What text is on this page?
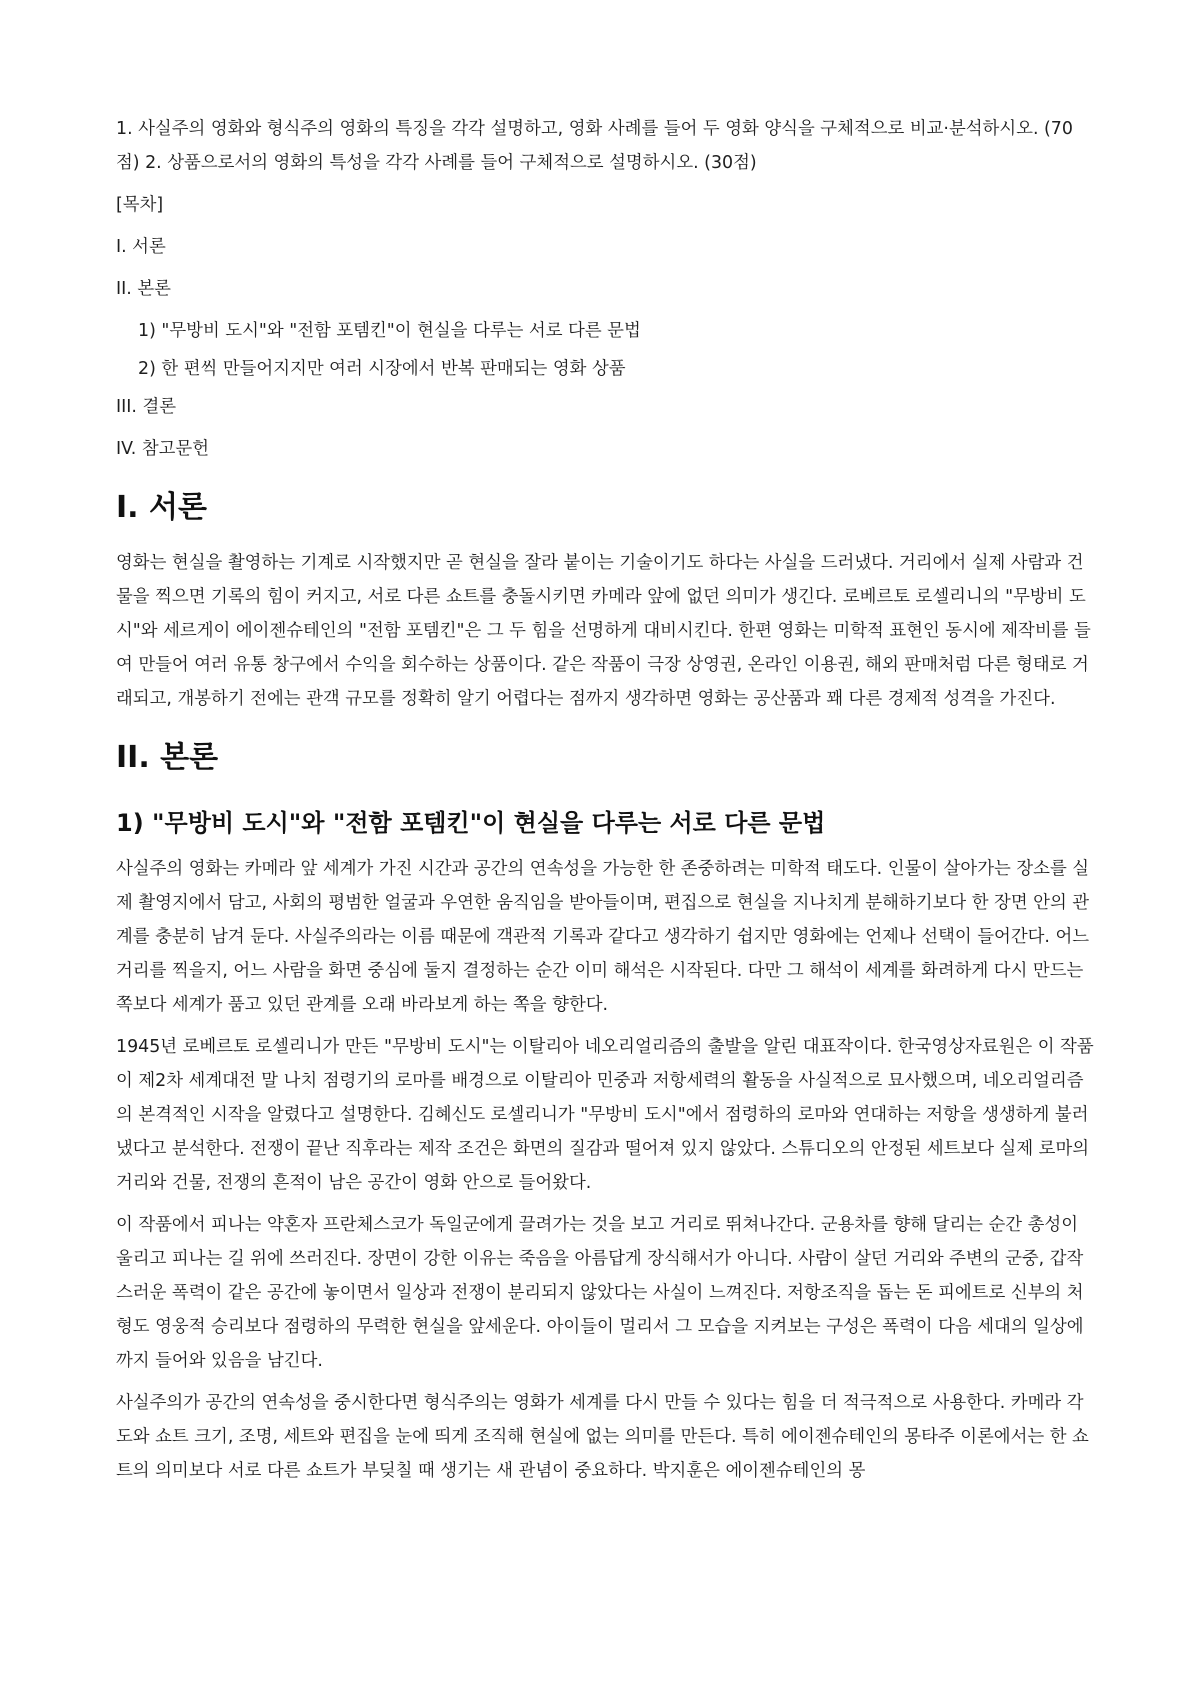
1. 사실주의 영화와 형식주의 영화의 특징을 각각 설명하고, 영화 사례를 들어 두 영화 양식을 구체적으로 비교·분석하시오. (70점) 2. 상품으로서의 영화의 특성을 각각 사례를 들어 구체적으로 설명하시오. (30점)

[목차]

I. 서론
II. 본론
1) "무방비 도시"와 "전함 포템킨"이 현실을 다루는 서로 다른 문법
2) 한 편씩 만들어지지만 여러 시장에서 반복 판매되는 영화 상품
III. 결론
IV. 참고문헌
I. 서론

영화는 현실을 촬영하는 기계로 시작했지만 곧 현실을 잘라 붙이는 기술이기도 하다는 사실을 드러냈다. 거리에서 실제 사람과 건물을 찍으면 기록의 힘이 커지고, 서로 다른 쇼트를 충돌시키면 카메라 앞에 없던 의미가 생긴다. 로베르토 로셀리니의 "무방비 도시"와 세르게이 에이젠슈테인의 "전함 포템킨"은 그 두 힘을 선명하게 대비시킨다. 한편 영화는 미학적 표현인 동시에 제작비를 들여 만들어 여러 유통 창구에서 수익을 회수하는 상품이다. 같은 작품이 극장 상영권, 온라인 이용권, 해외 판매처럼 다른 형태로 거래되고, 개봉하기 전에는 관객 규모를 정확히 알기 어렵다는 점까지 생각하면 영화는 공산품과 꽤 다른 경제적 성격을 가진다.

II. 본론
1) "무방비 도시"와 "전함 포템킨"이 현실을 다루는 서로 다른 문법

사실주의 영화는 카메라 앞 세계가 가진 시간과 공간의 연속성을 가능한 한 존중하려는 미학적 태도다. 인물이 살아가는 장소를 실제 촬영지에서 담고, 사회의 평범한 얼굴과 우연한 움직임을 받아들이며, 편집으로 현실을 지나치게 분해하기보다 한 장면 안의 관계를 충분히 남겨 둔다. 사실주의라는 이름 때문에 객관적 기록과 같다고 생각하기 쉽지만 영화에는 언제나 선택이 들어간다. 어느 거리를 찍을지, 어느 사람을 화면 중심에 둘지 결정하는 순간 이미 해석은 시작된다. 다만 그 해석이 세계를 화려하게 다시 만드는 쪽보다 세계가 품고 있던 관계를 오래 바라보게 하는 쪽을 향한다.

1945년 로베르토 로셀리니가 만든 "무방비 도시"는 이탈리아 네오리얼리즘의 출발을 알린 대표작이다. 한국영상자료원은 이 작품이 제2차 세계대전 말 나치 점령기의 로마를 배경으로 이탈리아 민중과 저항세력의 활동을 사실적으로 묘사했으며, 네오리얼리즘의 본격적인 시작을 알렸다고 설명한다. 김혜신도 로셀리니가 "무방비 도시"에서 점령하의 로마와 연대하는 저항을 생생하게 불러냈다고 분석한다. 전쟁이 끝난 직후라는 제작 조건은 화면의 질감과 떨어져 있지 않았다. 스튜디오의 안정된 세트보다 실제 로마의 거리와 건물, 전쟁의 흔적이 남은 공간이 영화 안으로 들어왔다.

이 작품에서 피나는 약혼자 프란체스코가 독일군에게 끌려가는 것을 보고 거리로 뛰쳐나간다. 군용차를 향해 달리는 순간 총성이 울리고 피나는 길 위에 쓰러진다. 장면이 강한 이유는 죽음을 아름답게 장식해서가 아니다. 사람이 살던 거리와 주변의 군중, 갑작스러운 폭력이 같은 공간에 놓이면서 일상과 전쟁이 분리되지 않았다는 사실이 느껴진다. 저항조직을 돕는 돈 피에트로 신부의 처형도 영웅적 승리보다 점령하의 무력한 현실을 앞세운다. 아이들이 멀리서 그 모습을 지켜보는 구성은 폭력이 다음 세대의 일상에까지 들어와 있음을 남긴다.

사실주의가 공간의 연속성을 중시한다면 형식주의는 영화가 세계를 다시 만들 수 있다는 힘을 더 적극적으로 사용한다. 카메라 각도와 쇼트 크기, 조명, 세트와 편집을 눈에 띄게 조직해 현실에 없는 의미를 만든다. 특히 에이젠슈테인의 몽타주 이론에서는 한 쇼트의 의미보다 서로 다른 쇼트가 부딪칠 때 생기는 새 관념이 중요하다. 박지훈은 에이젠슈테인의 몽
